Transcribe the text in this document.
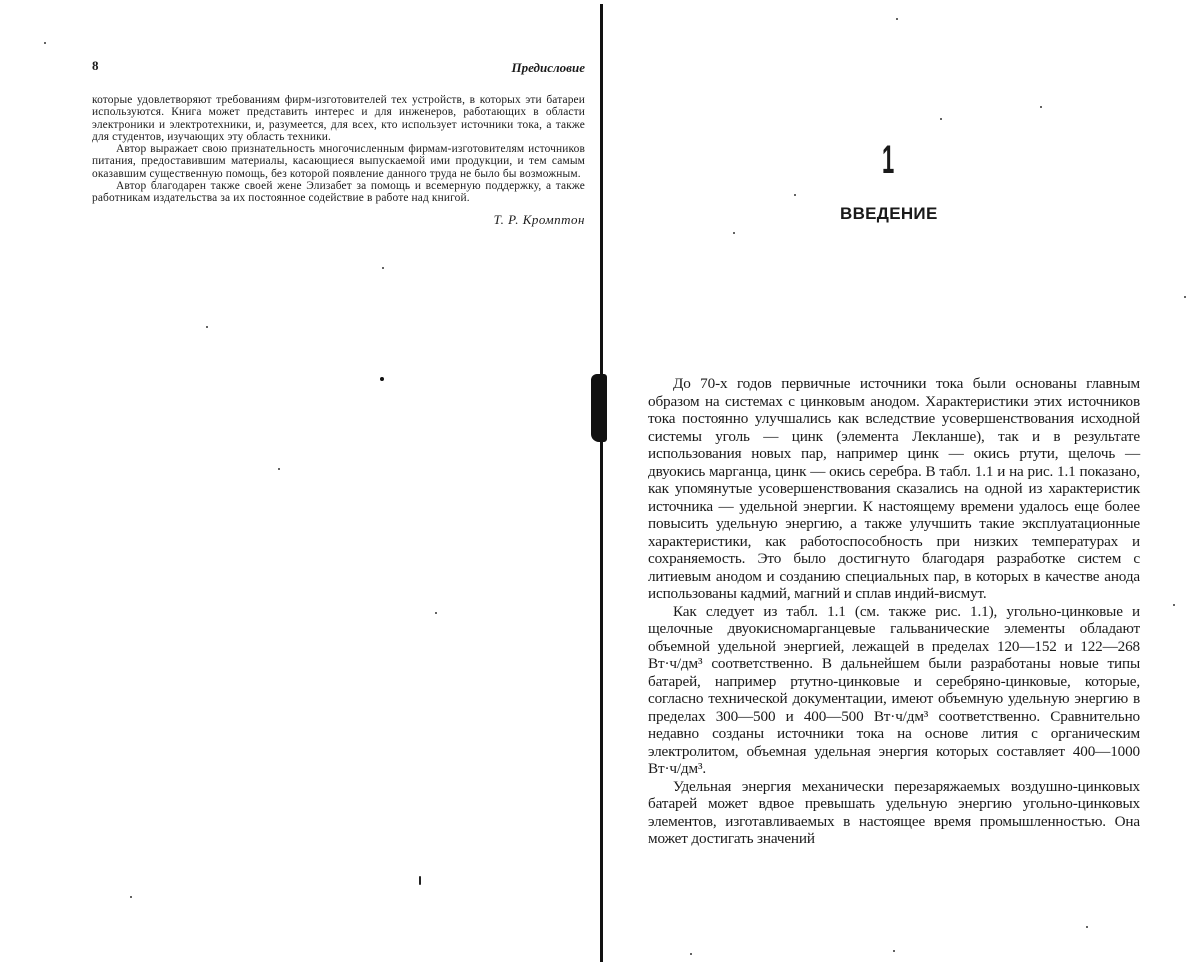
8	Предисловие

которые удовлетворяют требованиям фирм-изготовителей тех устройств, в которых эти батареи используются. Книга может представить интерес и для инженеров, работающих в области электроники и электротехники, и, разумеется, для всех, кто использует источники тока, а также для студентов, изучающих эту область техники.

Автор выражает свою признательность многочисленным фирмам-изготовителям источников питания, предоставившим материалы, касающиеся выпускаемой ими продукции, и тем самым оказавшим существенную помощь, без которой появление данного труда не было бы возможным.

Автор благодарен также своей жене Элизабет за помощь и всемерную поддержку, а также работникам издательства за их постоянное содействие в работе над книгой.

Т. Р. Кромптон
1
ВВЕДЕНИЕ

До 70-х годов первичные источники тока были основаны главным образом на системах с цинковым анодом. Характеристики этих источников тока постоянно улучшались как вследствие усовершенствования исходной системы уголь — цинк (элемента Лекланше), так и в результате использования новых пар, например цинк — окись ртути, щелочь — двуокись марганца, цинк — окись серебра. В табл. 1.1 и на рис. 1.1 показано, как упомянутые усовершенствования сказались на одной из характеристик источника — удельной энергии. К настоящему времени удалось еще более повысить удельную энергию, а также улучшить такие эксплуатационные характеристики, как работоспособность при низких температурах и сохраняемость. Это было достигнуто благодаря разработке систем с литиевым анодом и созданию специальных пар, в которых в качестве анода использованы кадмий, магний и сплав индий-висмут.

Как следует из табл. 1.1 (см. также рис. 1.1), угольно-цинковые и щелочные двуокисномарганцевые гальванические элементы обладают объемной удельной энергией, лежащей в пределах 120—152 и 122—268 Вт·ч/дм³ соответственно. В дальнейшем были разработаны новые типы батарей, например ртутно-цинковые и серебряно-цинковые, которые, согласно технической документации, имеют объемную удельную энергию в пределах 300—500 и 400—500 Вт·ч/дм³ соответственно. Сравнительно недавно созданы источники тока на основе лития с органическим электролитом, объемная удельная энергия которых составляет 400—1000 Вт·ч/дм³.

Удельная энергия механически перезаряжаемых воздушно-цинковых батарей может вдвое превышать удельную энергию угольно-цинковых элементов, изготавливаемых в настоящее время промышленностью. Она может достигать значений
